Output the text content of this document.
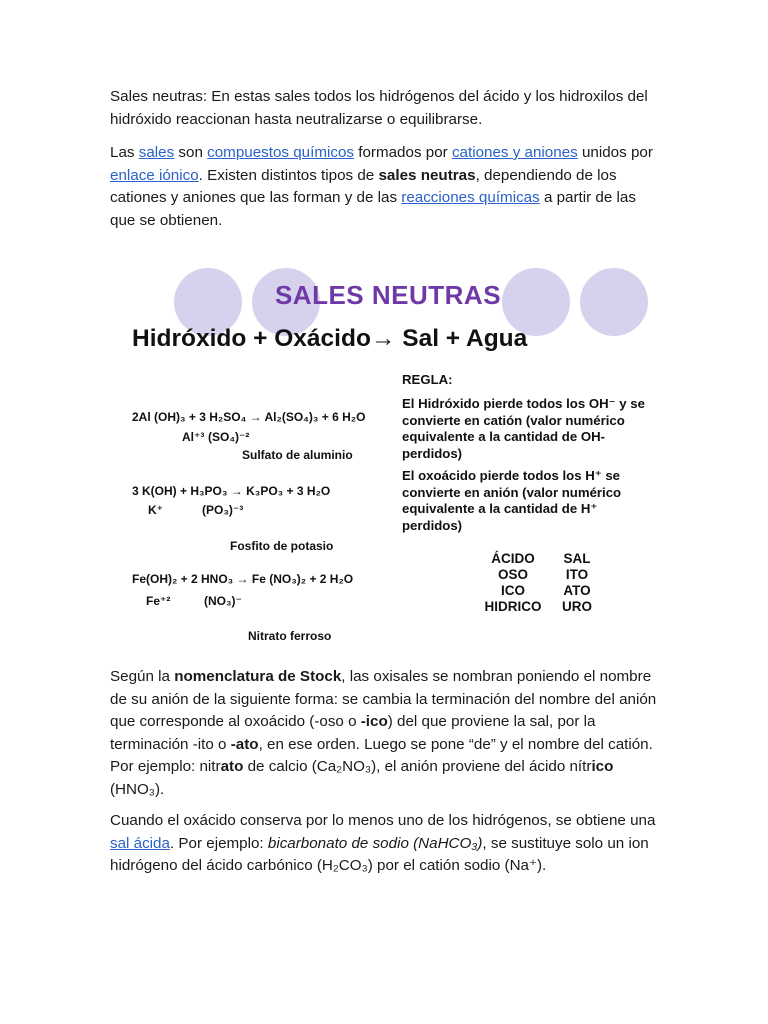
Sales neutras: En estas sales todos los hidrógenos del ácido y los hidroxilos del hidróxido reaccionan hasta neutralizarse o equilibrarse.

Las sales son compuestos químicos formados por cationes y aniones unidos por enlace iónico. Existen distintos tipos de sales neutras, dependiendo de los cationes y aniones que las forman y de las reacciones químicas a partir de las que se obtienen.

SALES NEUTRAS
Hidróxido + Oxácido→ Sal + Agua
2Al (OH)₃ + 3 H₂SO₄ → Al₂(SO₄)₃ + 6 H₂O
Al⁺³ (SO₄)⁻²
Sulfato de aluminio
3 K(OH) + H₃PO₃ → K₃PO₃ + 3 H₂O
K⁺	(PO₃)⁻³
Fosfito de potasio
Fe(OH)₂ + 2 HNO₃ → Fe (NO₃)₂ + 2 H₂O
Fe⁺²	(NO₃)⁻
Nitrato ferroso
REGLA:
El Hidróxido pierde todos los OH⁻ y se convierte en catión (valor numérico equivalente a la cantidad de OH- perdidos)
El oxoácido pierde todos los H⁺ se convierte en anión (valor numérico equivalente a la cantidad de H⁺ perdidos)
ÁCIDO	SAL
OSO	ITO
ICO	ATO
HIDRICO	URO

Según la nomenclatura de Stock, las oxisales se nombran poniendo el nombre de su anión de la siguiente forma: se cambia la terminación del nombre del anión que corresponde al oxoácido (-oso o -ico) del que proviene la sal, por la terminación -ito o -ato, en ese orden. Luego se pone “de” y el nombre del catión. Por ejemplo: nitrato de calcio (Ca₂NO₃), el anión proviene del ácido nítrico (HNO₃).

Cuando el oxácido conserva por lo menos uno de los hidrógenos, se obtiene una sal ácida. Por ejemplo: bicarbonato de sodio (NaHCO₃), se sustituye solo un ion hidrógeno del ácido carbónico (H₂CO₃) por el catión sodio (Na⁺).
